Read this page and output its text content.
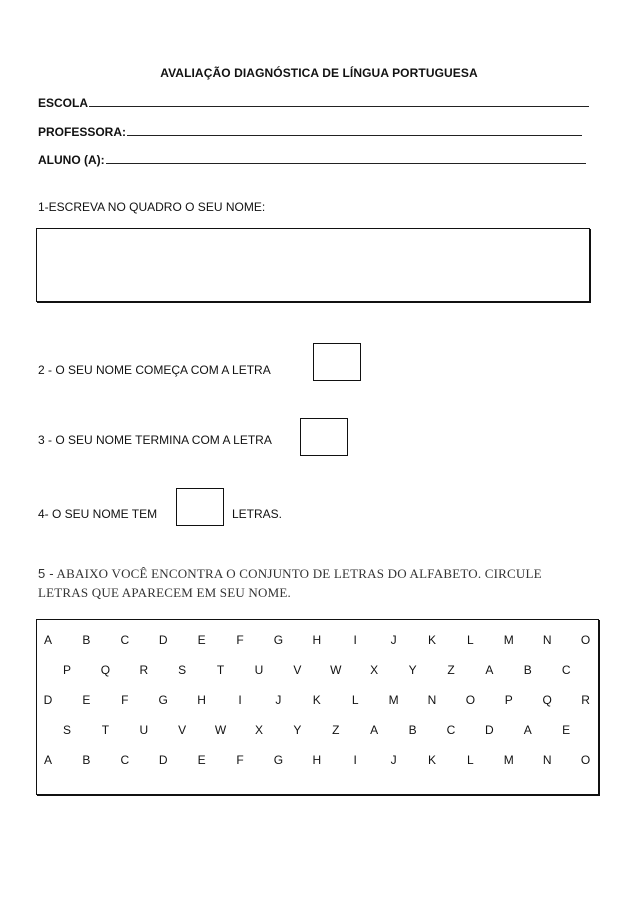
AVALIAÇÃO DIAGNÓSTICA DE LÍNGUA PORTUGUESA
ESCOLA
PROFESSORA:
ALUNO (A):
1-ESCREVA NO QUADRO O SEU NOME:
2 - O SEU NOME COMEÇA COM A LETRA
3 - O SEU NOME TERMINA COM A LETRA
4- O SEU NOME TEM	LETRAS.
5 - ABAIXO VOCÊ ENCONTRA O CONJUNTO DE LETRAS DO ALFABETO. CIRCULE
LETRAS QUE APARECEM EM SEU NOME.
A	B	C D	E	F	G H	I	J	K	L	M N O
P Q R	S	T	U	V W X	Y	Z	A	B	C
D	E	F	G H	I	J	K	L	M N O P Q R
S	T	U	V W X	Y	Z	A	B	C D	A	E
A	B	C D	E	F	G H	I	J	K	L	M N O
